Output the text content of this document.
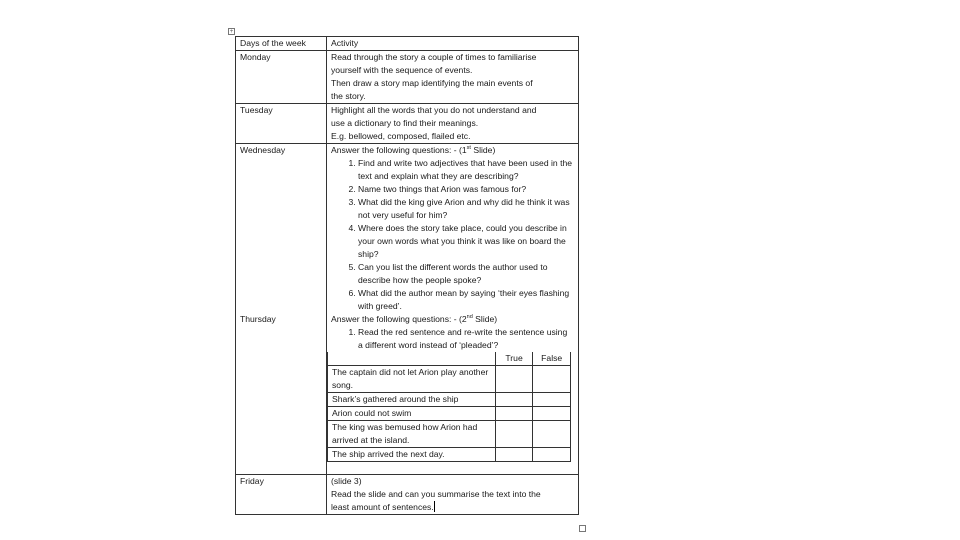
+
Days of the week	Activity
Monday	Read through the story a couple of times to familiarise
yourself with the sequence of events.
Then draw a story map identifying the main events of
the story.

Tuesday	Highlight all the words that you do not understand and
use a dictionary to find their meanings.
E.g. bellowed, composed, flailed etc.

Wednesday	Answer the following questions: - (1st Slide)
1. Find and write two adjectives that have been used in the text and explain what they are describing?
2. Name two things that Arion was famous for?
3. What did the king give Arion and why did he think it was not very useful for him?
4. Where does the story take place, could you describe in your own words what you think it was like on board the ship?
5. Can you list the different words the author used to describe how the people spoke?
6. What did the author mean by saying ‘their eyes flashing with greed’.

Thursday	Answer the following questions: - (2nd Slide)
1. Read the red sentence and re-write the sentence using a different word instead of ‘pleaded’?
	True	False
The captain did not let Arion play another song.		
Shark’s gathered around the ship		
Arion could not swim		
The king was bemused how Arion had arrived at the island.		
The ship arrived the next day.		

Friday	(slide 3)
Read the slide and can you summarise the text into the
least amount of sentences.
